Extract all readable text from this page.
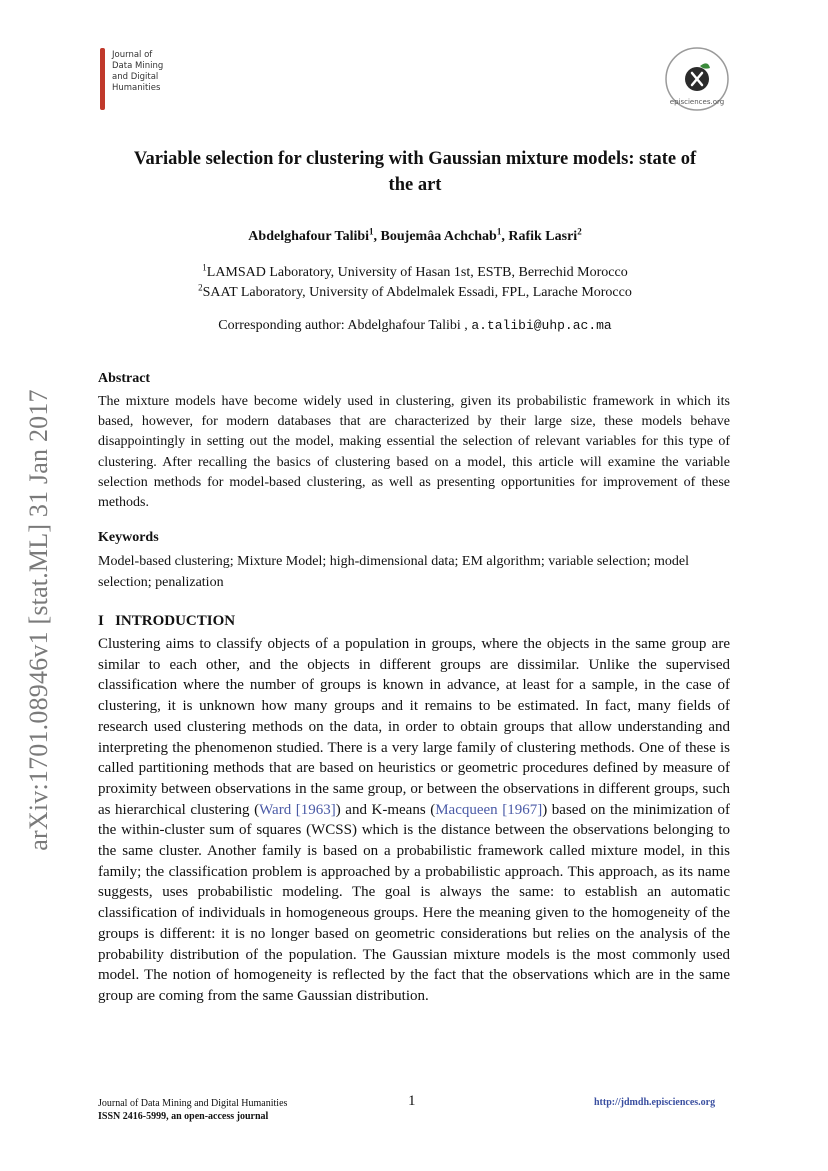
Journal of
Data Mining
and Digital
Humanities
episciences.org
arXiv:1701.08946v1 [stat.ML] 31 Jan 2017
Variable selection for clustering with Gaussian mixture models: state of
the art
Abdelghafour Talibi$^1$, Boujemâa Achchab$^1$, Rafik Lasri$^2$
$^1$LAMSAD Laboratory, University of Hasan 1st, ESTB, Berrechid Morocco
$^2$SAAT Laboratory, University of Abdelmalek Essadi, FPL, Larache Morocco
Corresponding author: Abdelghafour Talibi , a.talibi@uhp.ac.ma
Abstract
The mixture models have become widely used in clustering, given its probabilistic framework in which its based, however, for modern databases that are characterized by their large size, these models behave disappointingly in setting out the model, making essential the selection of relevant variables for this type of clustering. After recalling the basics of clustering based on a model, this article will examine the variable selection methods for model-based clustering, as well as presenting opportunities for improvement of these methods.
Keywords
Model-based clustering; Mixture Model; high-dimensional data; EM algorithm; variable selection; model selection; penalization
I   INTRODUCTION
Clustering aims to classify objects of a population in groups, where the objects in the same group are similar to each other, and the objects in different groups are dissimilar. Unlike the supervised classification where the number of groups is known in advance, at least for a sample, in the case of clustering, it is unknown how many groups and it remains to be estimated. In fact, many fields of research used clustering methods on the data, in order to obtain groups that allow understanding and interpreting the phenomenon studied. There is a very large family of clustering methods. One of these is called partitioning methods that are based on heuristics or geometric procedures defined by measure of proximity between observations in the same group, or between the observations in different groups, such as hierarchical clustering (Ward [1963]) and K-means (Macqueen [1967]) based on the minimization of the within-cluster sum of squares (WCSS) which is the distance between the observations belonging to the same cluster. Another family is based on a probabilistic framework called mixture model, in this family; the classification problem is approached by a probabilistic approach. This approach, as its name suggests, uses probabilistic modeling. The goal is always the same: to establish an automatic classification of individuals in homogeneous groups. Here the meaning given to the homogeneity of the groups is different: it is no longer based on geometric considerations but relies on the analysis of the probability distribution of the population. The Gaussian mixture models is the most commonly used model. The notion of homogeneity is reflected by the fact that the observations which are in the same group are coming from the same Gaussian distribution.
Journal of Data Mining and Digital Humanities
ISSN 2416-5999, an open-access journal
1	http://jdmdh.episciences.org
